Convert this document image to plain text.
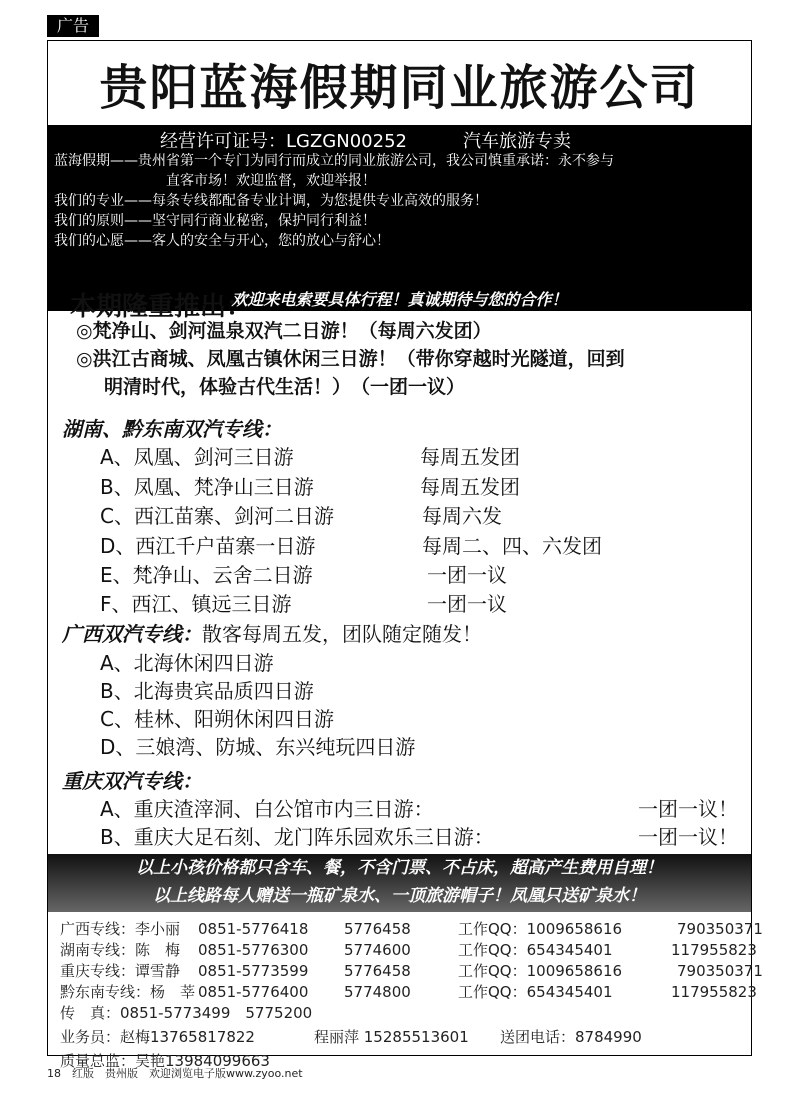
广告
贵阳蓝海假期同业旅游公司
经营许可证号：LGZGN00252	汽车旅游专卖

蓝海假期——贵州省第一个专门为同行而成立的同业旅游公司，我公司慎重承诺：永不参与

直客市场！欢迎监督，欢迎举报！

我们的专业——每条专线都配备专业计调，为您提供专业高效的服务！

我们的原则——坚守同行商业秘密，保护同行利益！

我们的心愿——客人的安全与开心，您的放心与舒心！

欢迎来电索要具体行程！真诚期待与您的合作！
本期隆重推出：

◎梵净山、剑河温泉双汽二日游！（每周六发团）

◎洪江古商城、凤凰古镇休闲三日游！（带你穿越时光隧道，回到

明清时代，体验古代生活！）　（一团一议）

湖南、黔东南双汽专线：
A、凤凰、剑河三日游	每周五发团
B、凤凰、梵净山三日游	每周五发团
C、西江苗寨、剑河二日游	每周六发
D、西江千户苗寨一日游	每周二、四、六发团
E、梵净山、云舍二日游	一团一议
F、西江、镇远三日游	一团一议
广西双汽专线：散客每周五发，团队随定随发！
A、北海休闲四日游
B、北海贵宾品质四日游
C、桂林、阳朔休闲四日游
D、三娘湾、防城、东兴纯玩四日游
重庆双汽专线：
A、重庆渣滓洞、白公馆市内三日游：	一团一议！
B、重庆大足石刻、龙门阵乐园欢乐三日游：	一团一议！

以上小孩价格都只含车、餐，不含门票、不占床，超高产生费用自理！

以上线路每人赠送一瓶矿泉水、一顶旅游帽子！凤凰只送矿泉水！

广西专线：李小丽 0851-5776418 5776458	工作QQ：1009658616	790350371
湖南专线：陈　梅 0851-5776300 5774600	工作QQ：654345401	117955823
重庆专线：谭雪静 0851-5773599 5776458	工作QQ：1009658616	790350371
黔东南专线：杨　莘 0851-5776400 5774800	工作QQ：654345401	117955823
传　真：0851-5773499　5775200
业务员：赵梅13765817822	程丽萍 15285513601 送团电话：8784990
质量总监：吴艳13984099663
18　红版　贵州版　欢迎浏览电子版www.zyoo.net
